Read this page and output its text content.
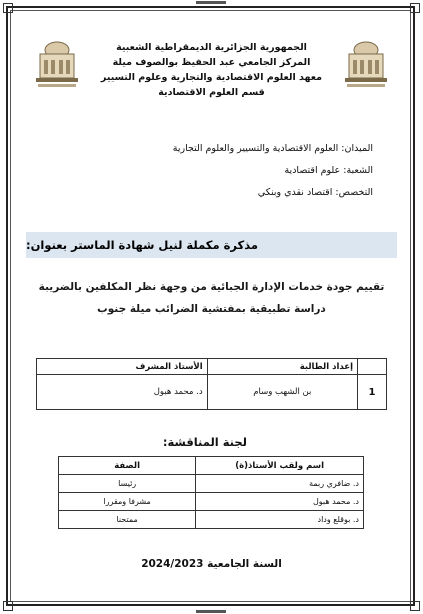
الجمهورية الجزائرية الديمقراطية الشعبية
المركز الجامعي عبد الحفيظ بوالصوف ميلة
معهد العلوم الاقتصادية والتجارية وعلوم التسيير
قسم العلوم الاقتصادية
الميدان: العلوم الاقتصادية والتسيير والعلوم التجارية
الشعبة: علوم اقتصادية
التخصص: اقتصاد نقدي وبنكي
مذكرة مكملة لنيل شهادة الماستر بعنوان:
تقييم جودة خدمات الإدارة الجبائية من وجهة نظر المكلفين بالضريبة
دراسة تطبيقية بمفتشية الضرائب ميلة جنوب
	إعداد الطالبة	الأستاذ المشرف
1	بن الشهب وسام	د. محمد هبول
لجنة المناقشة:
اسم ولقب الأستاذ(ة)	الصفة
د. ضافري ربمة	رئيسا
د. محمد هبول	مشرفا ومقررا
د. بوقلع وداد	ممتحنا
السنة الجامعية 2024/2023
